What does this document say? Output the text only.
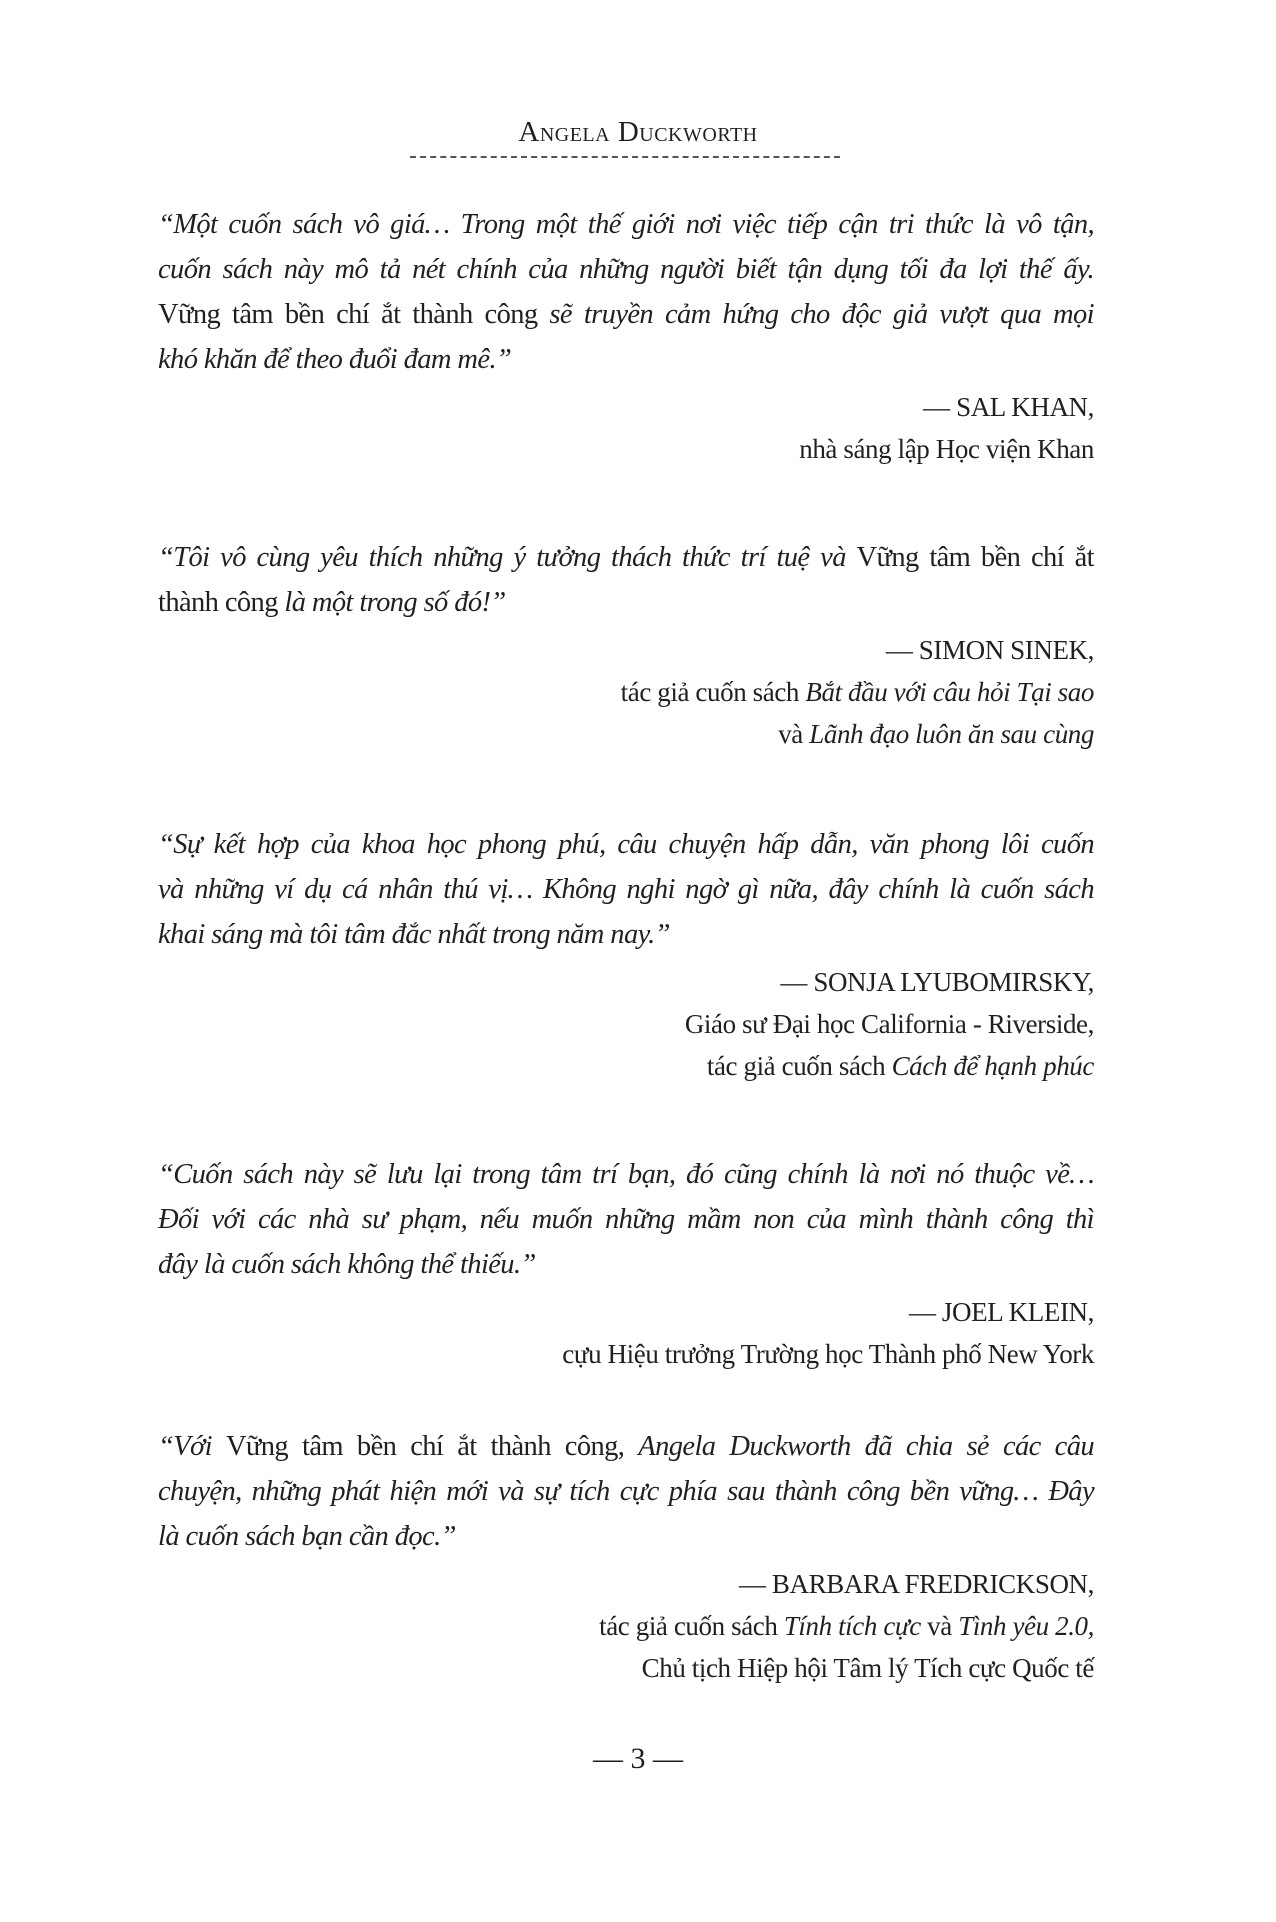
Angela Duckworth
“Một cuốn sách vô giá… Trong một thế giới nơi việc tiếp cận tri thức là vô tận,
cuốn sách này mô tả nét chính của những người biết tận dụng tối đa lợi thế ấy.
Vững tâm bền chí ắt thành công sẽ truyền cảm hứng cho độc giả vượt qua mọi
khó khăn để theo đuổi đam mê.”
— SAL KHAN,
nhà sáng lập Học viện Khan
“Tôi vô cùng yêu thích những ý tưởng thách thức trí tuệ và Vững tâm bền chí ắt
thành công là một trong số đó!”
— SIMON SINEK,
tác giả cuốn sách Bắt đầu với câu hỏi Tại sao
và Lãnh đạo luôn ăn sau cùng
“Sự kết hợp của khoa học phong phú, câu chuyện hấp dẫn, văn phong lôi cuốn
và những ví dụ cá nhân thú vị… Không nghi ngờ gì nữa, đây chính là cuốn sách
khai sáng mà tôi tâm đắc nhất trong năm nay.”
— SONJA LYUBOMIRSKY,
Giáo sư Đại học California - Riverside,
tác giả cuốn sách Cách để hạnh phúc
“Cuốn sách này sẽ lưu lại trong tâm trí bạn, đó cũng chính là nơi nó thuộc về…
Đối với các nhà sư phạm, nếu muốn những mầm non của mình thành công thì
đây là cuốn sách không thể thiếu.”
— JOEL KLEIN,
cựu Hiệu trưởng Trường học Thành phố New York
“Với Vững tâm bền chí ắt thành công, Angela Duckworth đã chia sẻ các câu
chuyện, những phát hiện mới và sự tích cực phía sau thành công bền vững… Đây
là cuốn sách bạn cần đọc.”
— BARBARA FREDRICKSON,
tác giả cuốn sách Tính tích cực và Tình yêu 2.0,
Chủ tịch Hiệp hội Tâm lý Tích cực Quốc tế
— 3 —
